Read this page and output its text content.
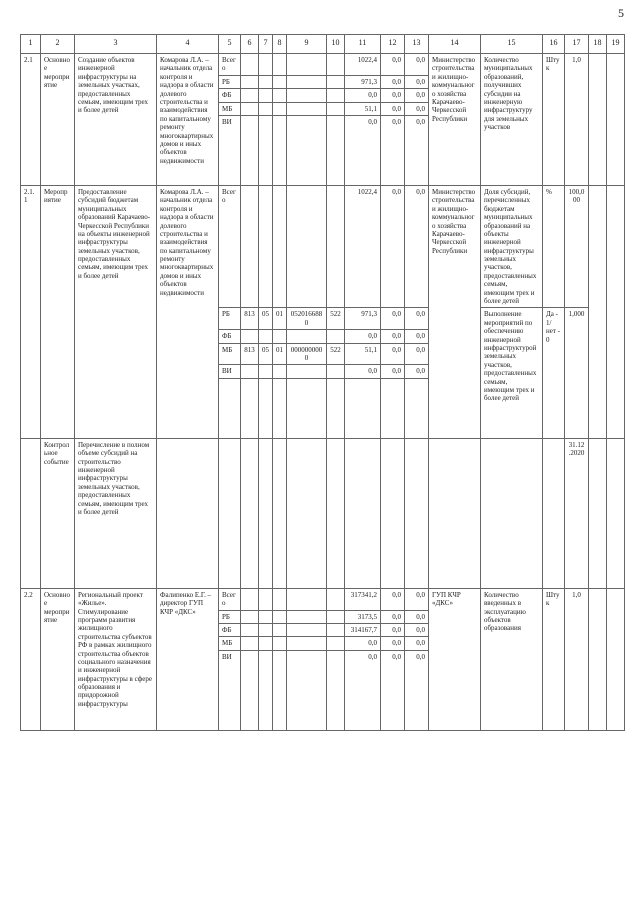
5
1	2	3	4	5	6	7	8	9	10	11	12	13	14	15	16	17	18	19
2.1	Основное мероприятие	Создание объектов инженерной инфраструктуры на земельных участках, предоставленных семьям, имеющим трех и более детей	Комарова Л.А. – начальник отдела контроля и надзора в области долевого строительства и взаимодействия по капитальному ремонту многоквартирных домов и иных объектов недвижимости	Всего						1022,4	0,0	0,0	Министерство строительства и жилищно-коммунального хозяйства Карачаево-Черкесской Республики	Количество муниципальных образований, получивших субсидии на инженерную инфраструктуру для земельных участков	Штук	1,0		
				РБ						971,3	0,0	0,0						
				ФБ						0,0	0,0	0,0						
				МБ						51,1	0,0	0,0						
				ВИ						0,0	0,0	0,0						
2.1.1	Мероприятие	Предоставление субсидий бюджетам муниципальных образований Карачаево-Черкесской Республики на объекты инженерной инфраструктуры земельных участков, предоставленных семьям, имеющим трех и более детей	Комарова Л.А. – начальник отдела контроля и надзора в области долевого строительства и взаимодействия по капитальному ремонту многоквартирных домов и иных объектов недвижимости	Всего						1022,4	0,0	0,0	Министерство строительства и жилищно-коммунального хозяйства Карачаево-Черкесской Республики	Доля субсидий, перечисленных бюджетам муниципальных образований на объекты инженерной инфраструктуры земельных участков, предоставленных семьям, имеющим трех и более детей	%	100,000		
				РБ	813	05	01	0520166880	522	971,3	0,0	0,0		Выполнение мероприятий по обеспечению инженерной инфраструктурой земельных участков, предоставленных семьям, имеющим трех и более детей	Да - 1/ нет - 0	1,000		
				ФБ						0,0	0,0	0,0						
				МБ	813	05	01	0000000000	522	51,1	0,0	0,0						
				ВИ						0,0	0,0	0,0						

	Контрольное событие	Перечисление в полном объеме субсидий на строительство инженерной инфраструктуры земельных участков, предоставленных семьям, имеющим трех и более детей														31.12.2020		
2.2	Основное мероприятие	Региональный проект «Жилье». Стимулирование программ развития жилищного строительства субъектов РФ в рамках жилищного строительства объектов социального назначения и инженерной инфраструктуры в сфере образования и придорожной инфраструктуры	Фалипенко Е.Г. – директор ГУП КЧР «ДКС»	Всего						317341,2	0,0	0,0	ГУП КЧР «ДКС»	Количество введенных в эксплуатацию объектов образования	Штук	1,0		
				РБ						3173,5	0,0	0,0						
				ФБ						314167,7	0,0	0,0						
				МБ						0,0	0,0	0,0						
				ВИ						0,0	0,0	0,0						
